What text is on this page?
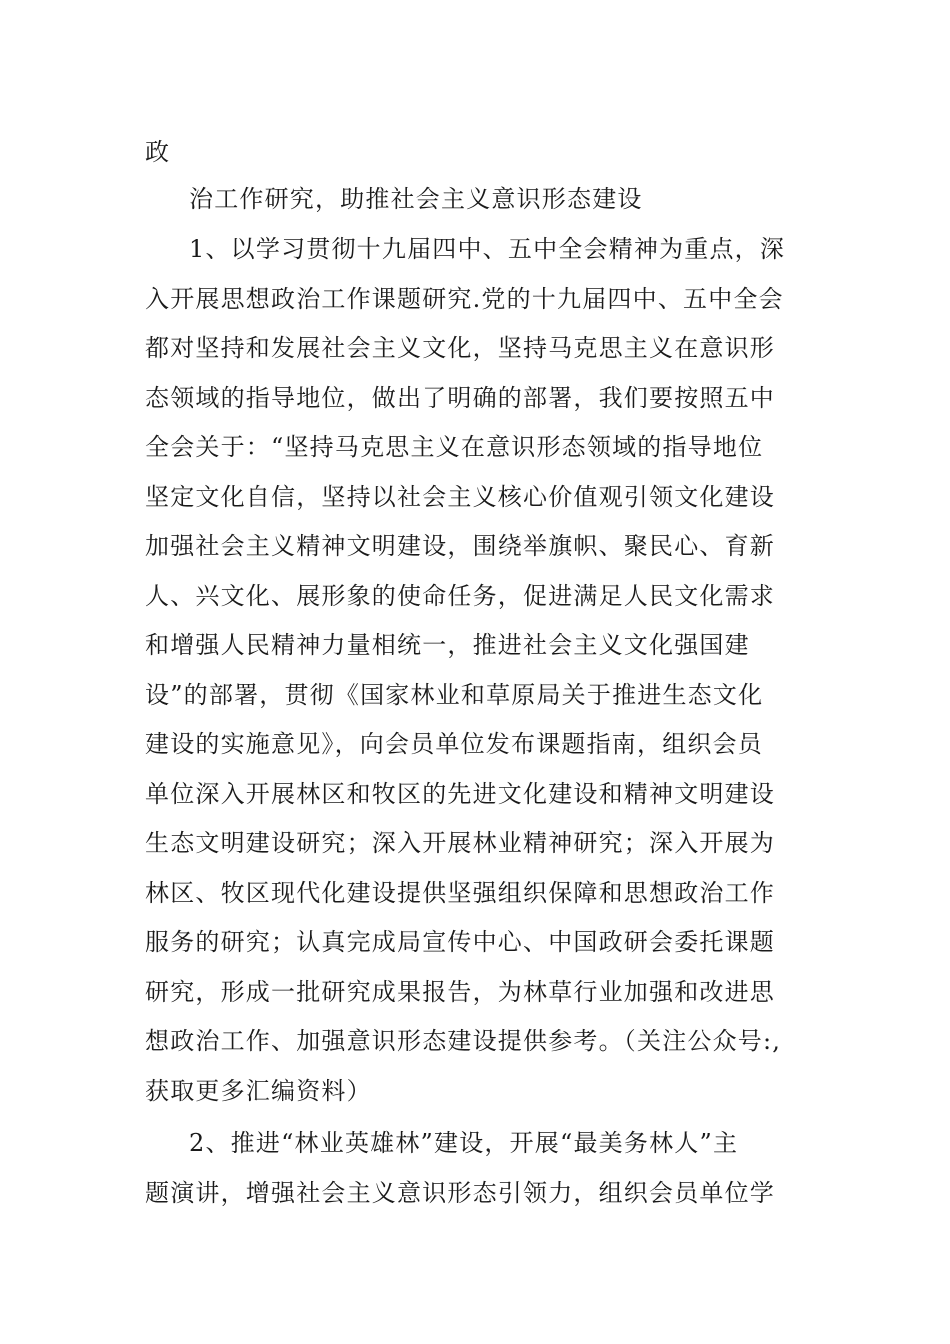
政
治工作研究，助推社会主义意识形态建设
1、以学习贯彻十九届四中、五中全会精神为重点，深
入开展思想政治工作课题研究.党的十九届四中、五中全会
都对坚持和发展社会主义文化，坚持马克思主义在意识形
态领域的指导地位，做出了明确的部署，我们要按照五中
全会关于：“坚持马克思主义在意识形态领域的指导地位
坚定文化自信，坚持以社会主义核心价值观引领文化建设
加强社会主义精神文明建设，围绕举旗帜、聚民心、育新
人、兴文化、展形象的使命任务，促进满足人民文化需求
和增强人民精神力量相统一，推进社会主义文化强国建
设”的部署，贯彻《国家林业和草原局关于推进生态文化
建设的实施意见》，向会员单位发布课题指南，组织会员
单位深入开展林区和牧区的先进文化建设和精神文明建设
生态文明建设研究；深入开展林业精神研究；深入开展为
林区、牧区现代化建设提供坚强组织保障和思想政治工作
服务的研究；认真完成局宣传中心、中国政研会委托课题
研究，形成一批研究成果报告，为林草行业加强和改进思
想政治工作、加强意识形态建设提供参考。（关注公众号:,
获取更多汇编资料）
2、推进“林业英雄林”建设，开展“最美务林人”主
题演讲，增强社会主义意识形态引领力，组织会员单位学
